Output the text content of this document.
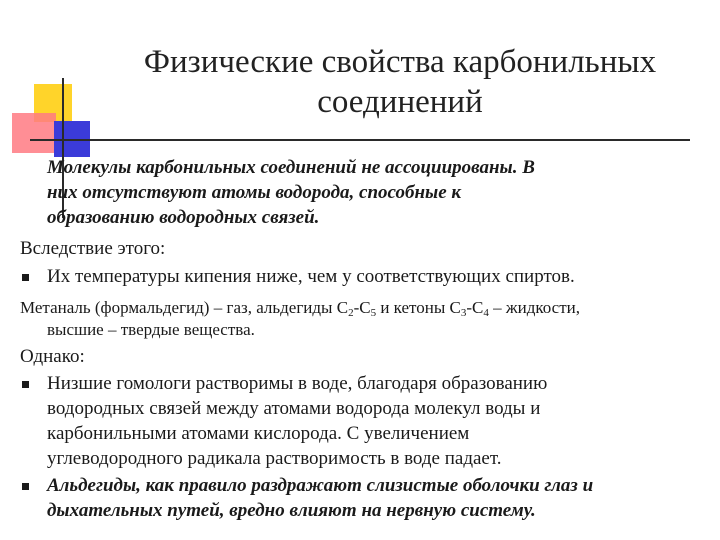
Физические свойства карбонильных
соединений
Молекулы карбонильных соединений не ассоциированы. В
них отсутствуют атомы водорода, способные к
образованию водородных связей.
Вследствие этого:
Их температуры кипения ниже, чем у соответствующих спиртов.
Метаналь (формальдегид) – газ, альдегиды $С_2-С_5$ и кетоны $С_3-С_4$ – жидкости,
высшие – твердые вещества.
Однако:
Низшие гомологи растворимы в воде, благодаря образованию
водородных связей между атомами водорода молекул воды и
карбонильными атомами кислорода. С увеличением
углеводородного радикала растворимость в воде падает.
Альдегиды, как правило раздражают слизистые оболочки глаз и
дыхательных путей, вредно влияют на нервную систему.
